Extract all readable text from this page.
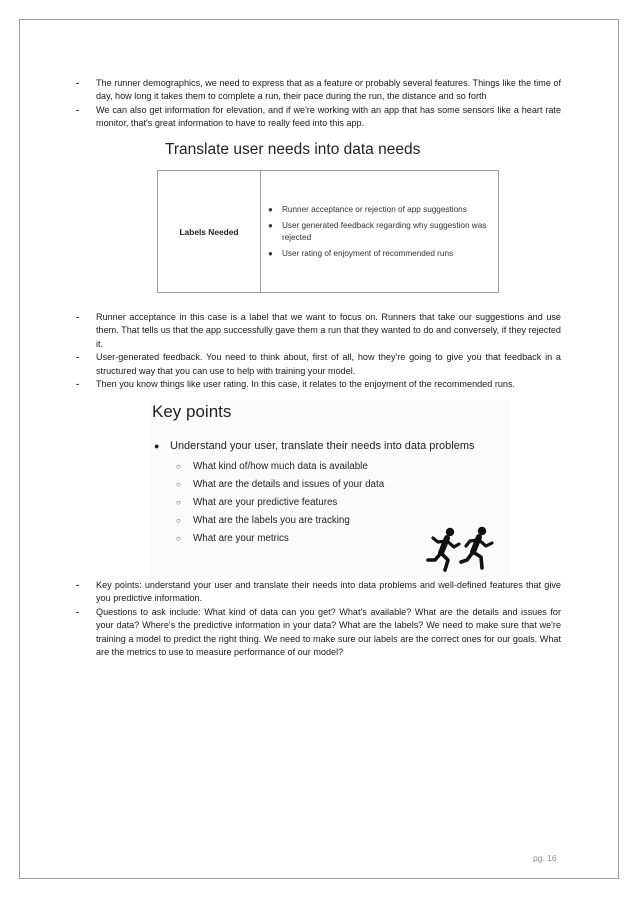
- The runner demographics, we need to express that as a feature or probably several features. Things like the time of day, how long it takes them to complete a run, their pace during the run, the distance and so forth
- We can also get information for elevation, and if we're working with an app that has some sensors like a heart rate monitor, that's great information to have to really feed into this app.
Translate user needs into data needs
Labels Needed
● Runner acceptance or rejection of app suggestions
● User generated feedback regarding why suggestion was rejected
● User rating of enjoyment of recommended runs
- Runner acceptance in this case is a label that we want to focus on. Runners that take our suggestions and use them. That tells us that the app successfully gave them a run that they wanted to do and conversely, if they rejected it.
- User-generated feedback. You need to think about, first of all, how they're going to give you that feedback in a structured way that you can use to help with training your model.
- Then you know things like user rating. In this case, it relates to the enjoyment of the recommended runs.
Key points
● Understand your user, translate their needs into data problems
○ What kind of/how much data is available
○ What are the details and issues of your data
○ What are your predictive features
○ What are the labels you are tracking
○ What are your metrics
- Key points: understand your user and translate their needs into data problems and well-defined features that give you predictive information.
- Questions to ask include: What kind of data can you get? What's available? What are the details and issues for your data? Where's the predictive information in your data? What are the labels? We need to make sure that we're training a model to predict the right thing. We need to make sure our labels are the correct ones for our goals. What are the metrics to use to measure performance of our model?
pg. 16
